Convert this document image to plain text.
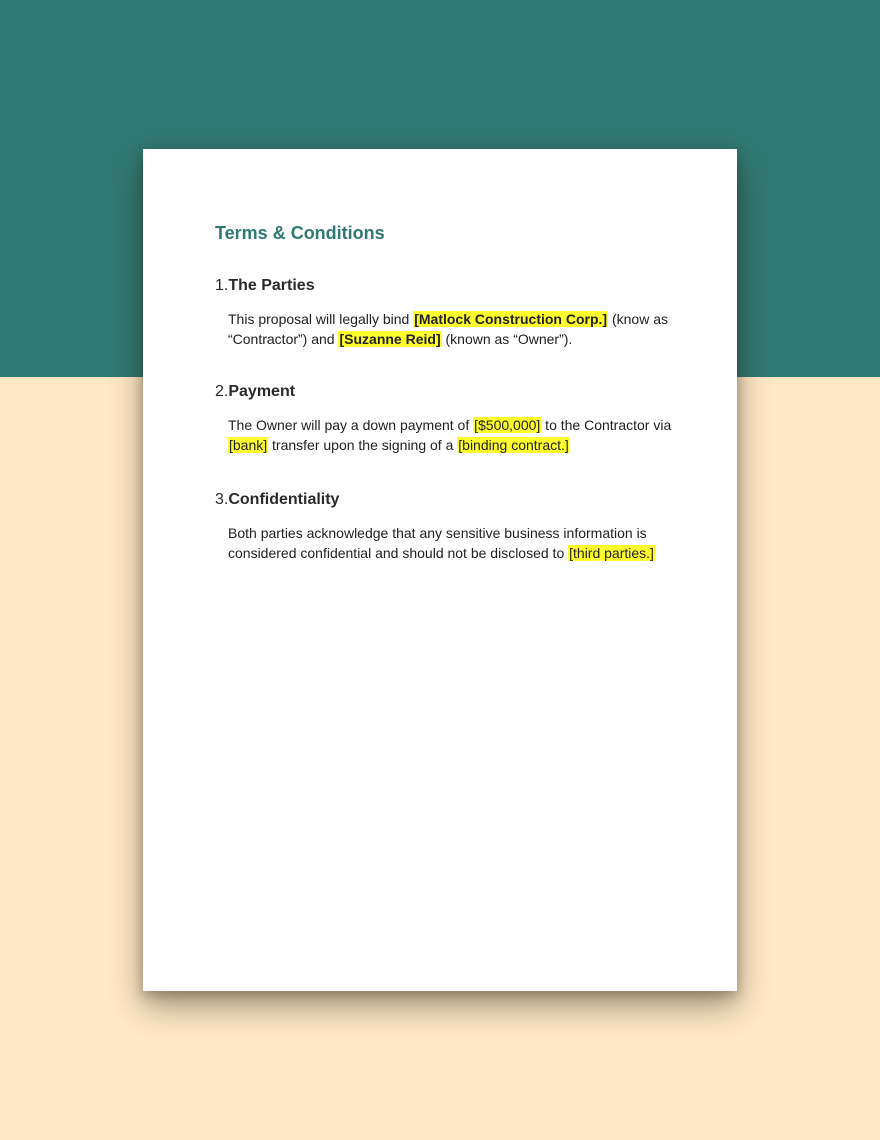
Terms & Conditions
1.The Parties

This proposal will legally bind [Matlock Construction Corp.] (know as “Contractor”) and [Suzanne Reid] (known as “Owner”).

2.Payment

The Owner will pay a down payment of [$500,000] to the Contractor via [bank] transfer upon the signing of a [binding contract.]

3.Confidentiality

Both parties acknowledge that any sensitive business information is considered confidential and should not be disclosed to [third parties.]
